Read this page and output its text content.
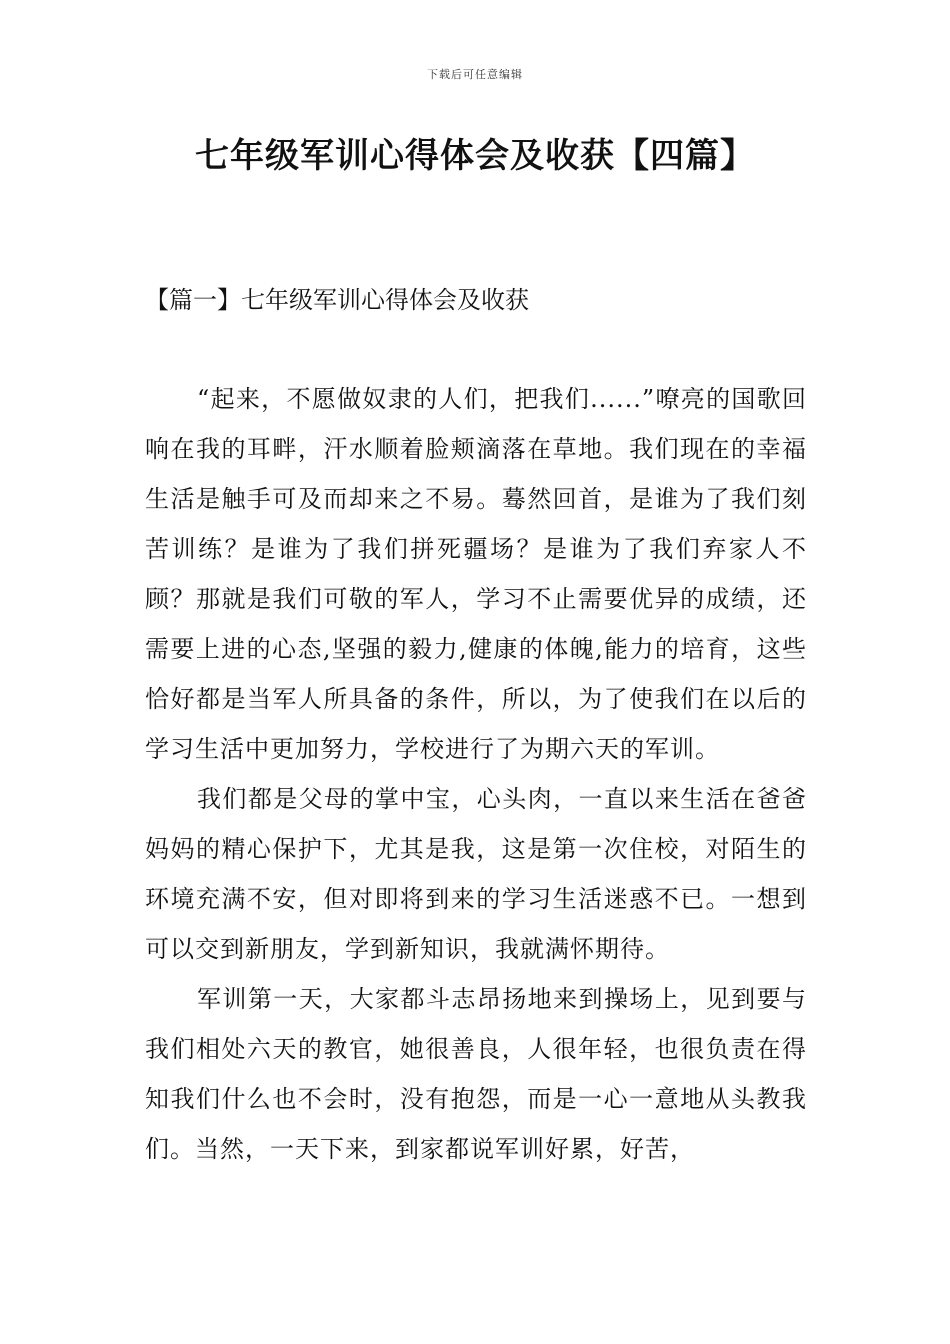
下载后可任意编辑
七年级军训心得体会及收获【四篇】
【篇一】七年级军训心得体会及收获

“起来，不愿做奴隶的人们，把我们......”嘹亮的国歌回响在我的耳畔，汗水顺着脸颊滴落在草地。我们现在的幸福生活是触手可及而却来之不易。蓦然回首，是谁为了我们刻苦训练？是谁为了我们拼死疆场？是谁为了我们弃家人不顾？那就是我们可敬的军人，学习不止需要优异的成绩，还需要上进的心态,坚强的毅力,健康的体魄,能力的培育，这些恰好都是当军人所具备的条件，所以，为了使我们在以后的学习生活中更加努力，学校进行了为期六天的军训。

我们都是父母的掌中宝，心头肉，一直以来生活在爸爸妈妈的精心保护下，尤其是我，这是第一次住校，对陌生的环境充满不安，但对即将到来的学习生活迷惑不已。一想到可以交到新朋友，学到新知识，我就满怀期待。

军训第一天，大家都斗志昂扬地来到操场上，见到要与我们相处六天的教官，她很善良，人很年轻，也很负责在得知我们什么也不会时，没有抱怨，而是一心一意地从头教我们。当然，一天下来，到家都说军训好累，好苦，
